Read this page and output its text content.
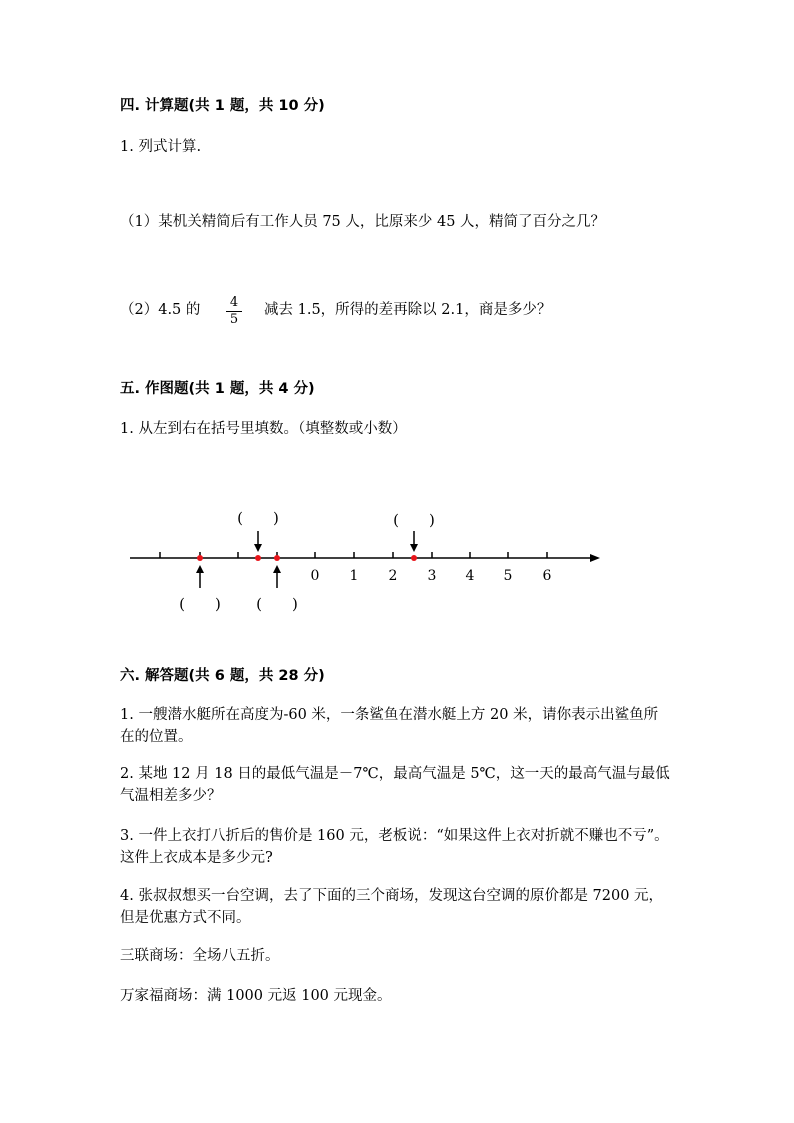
四. 计算题(共 1 题，共 10 分)
1. 列式计算.
（1）某机关精简后有工作人员 75 人，比原来少 45 人，精简了百分之几？
（2）4.5 的 4
5
减去 1.5，所得的差再除以 2.1，商是多少？
五. 作图题(共 1 题，共 4 分)
1. 从左到右在括号里填数。（填整数或小数）
0 1 2 3 4 5 6
(　　)	(　　)
(　　) (　　)
六. 解答题(共 6 题，共 28 分)
1. 一艘潜水艇所在高度为-60 米，一条鲨鱼在潜水艇上方 20 米，请你表示出鲨鱼所在的位置。
2. 某地 12 月 18 日的最低气温是－7℃，最高气温是 5℃，这一天的最高气温与最低气温相差多少？
3. 一件上衣打八折后的售价是 160 元，老板说：“如果这件上衣对折就不赚也不亏”。这件上衣成本是多少元?
4. 张叔叔想买一台空调，去了下面的三个商场，发现这台空调的原价都是 7200 元，但是优惠方式不同。
三联商场：全场八五折。
万家福商场：满 1000 元返 100 元现金。
